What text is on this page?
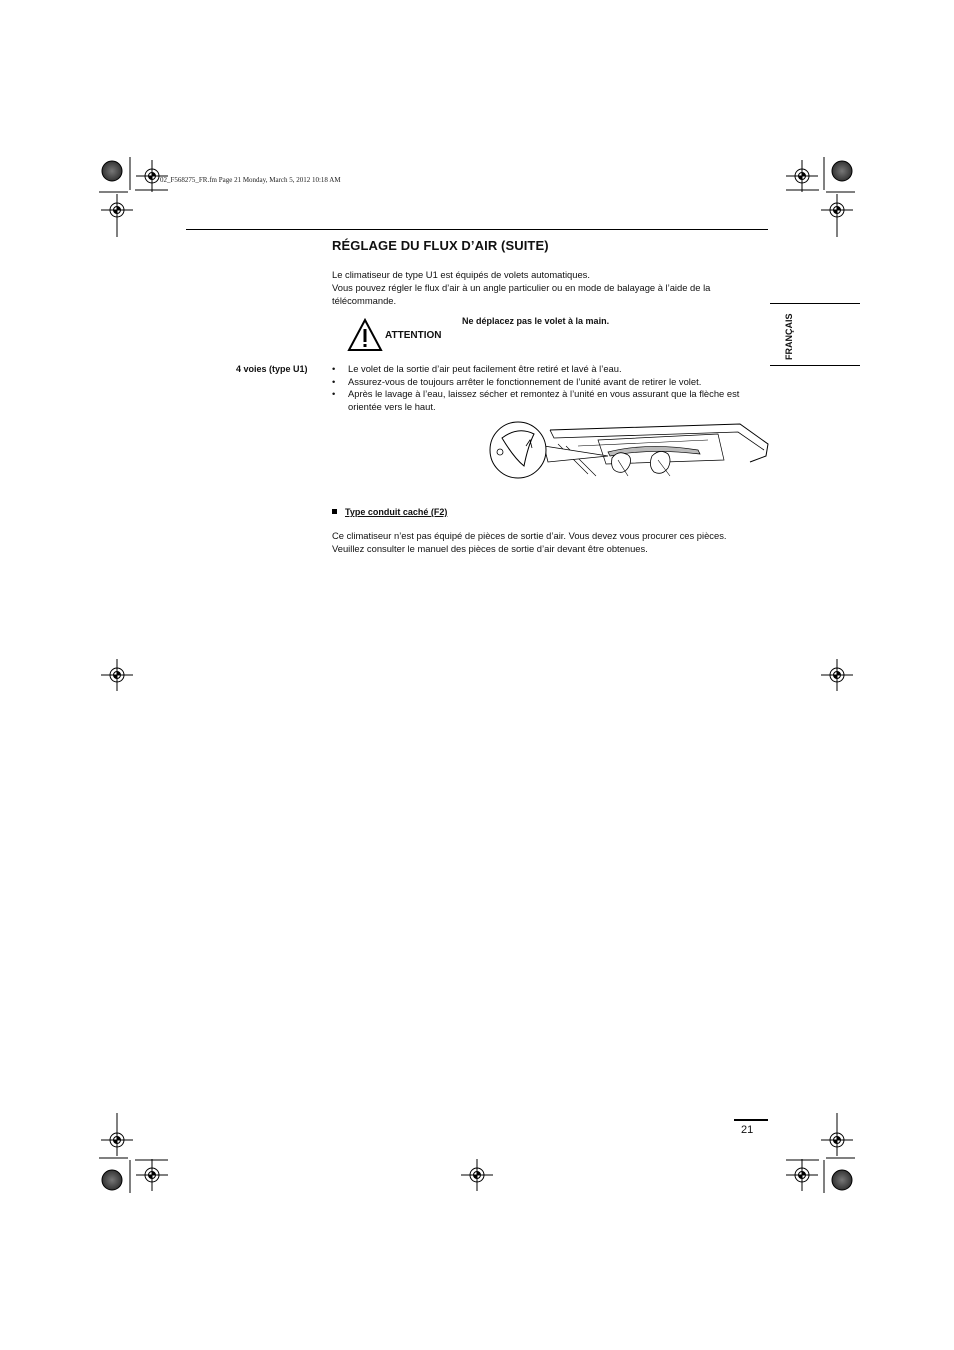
02_F568275_FR.fm Page 21 Monday, March 5, 2012 10:18 AM
RÉGLAGE DU FLUX D’AIR (SUITE)
Le climatiseur de type U1 est équipés de volets automatiques.
Vous pouvez régler le flux d’air à un angle particulier ou en mode de balayage à l’aide de la
télécommande.
ATTENTION
Ne déplacez pas le volet à la main.
4 voies (type U1)	• Le volet de la sortie d’air peut facilement être retiré et lavé à l’eau.
• Assurez-vous de toujours arrêter le fonctionnement de l’unité avant de retirer le volet.
• Après le lavage à l’eau, laissez sécher et remontez à l’unité en vous assurant que la flèche est orientée vers le haut.
Type conduit caché (F2)
Ce climatiseur n’est pas équipé de pièces de sortie d’air. Vous devez vous procurer ces pièces.
Veuillez consulter le manuel des pièces de sortie d’air devant être obtenues.
FRANÇAIS
21
